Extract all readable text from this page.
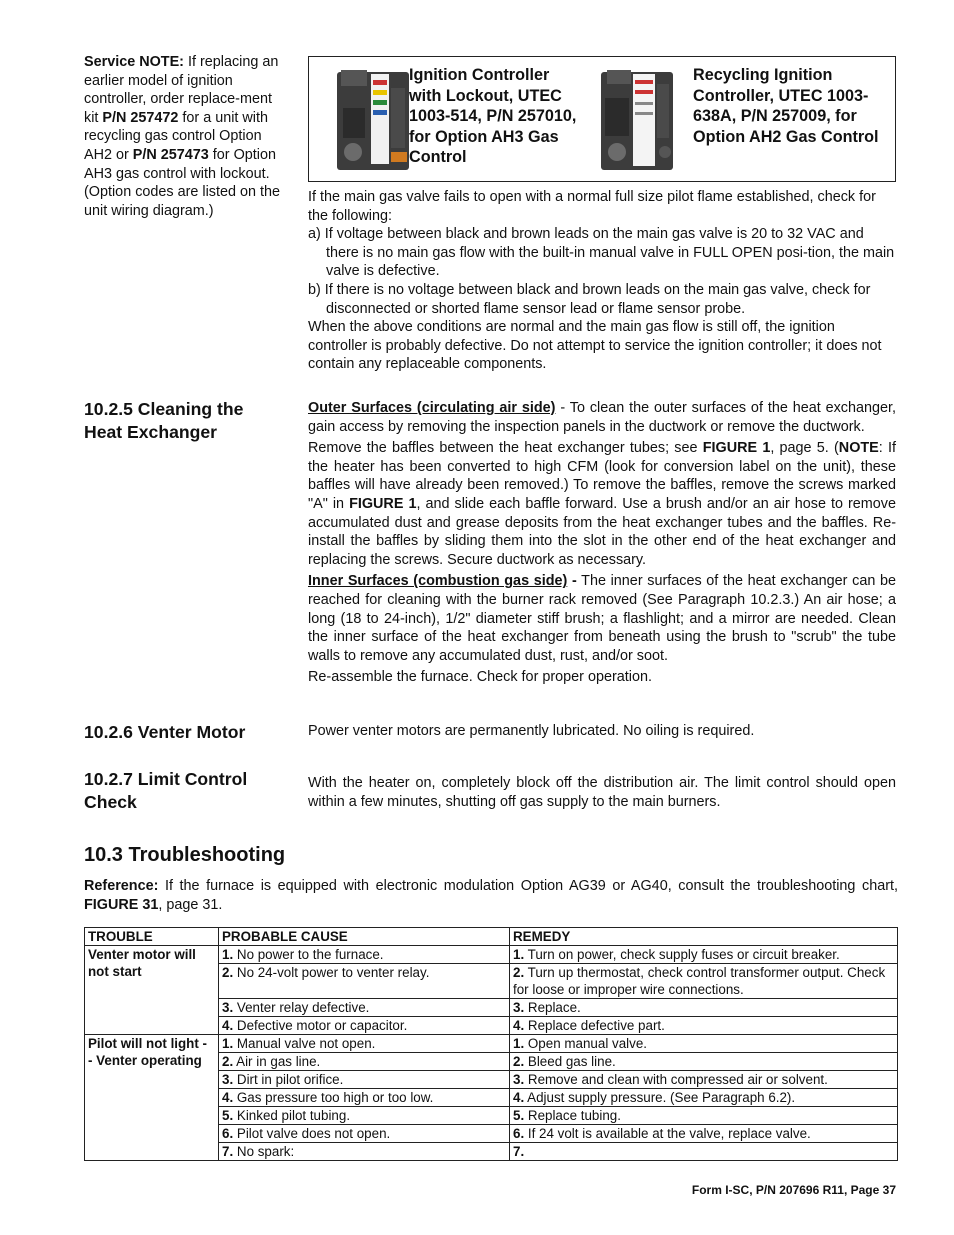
Service NOTE: If replacing an earlier model of ignition controller, order replace-ment kit P/N 257472 for a unit with recycling gas control Option AH2 or P/N 257473 for Option AH3 gas control with lockout. (Option codes are listed on the unit wiring diagram.)
Ignition Controller with Lockout, UTEC 1003-514, P/N 257010, for Option AH3 Gas Control
Recycling Ignition Controller, UTEC 1003-638A, P/N 257009, for Option AH2 Gas Control

If the main gas valve fails to open with a normal full size pilot flame established, check for the following:

a) If voltage between black and brown leads on the main gas valve is 20 to 32 VAC and there is no main gas flow with the built-in manual valve in FULL OPEN posi-tion, the main valve is defective.

b) If there is no voltage between black and brown leads on the main gas valve, check for disconnected or shorted flame sensor lead or flame sensor probe.

When the above conditions are normal and the main gas flow is still off, the ignition controller is probably defective. Do not attempt to service the ignition controller; it does not contain any replaceable components.

10.2.5 Cleaning the Heat Exchanger

Outer Surfaces (circulating air side) - To clean the outer surfaces of the heat exchanger, gain access by removing the inspection panels in the ductwork or remove the ductwork.

Remove the baffles between the heat exchanger tubes; see FIGURE 1, page 5. (NOTE: If the heater has been converted to high CFM (look for conversion label on the unit), these baffles will have already been removed.) To remove the baffles, remove the screws marked "A" in FIGURE 1, and slide each baffle forward. Use a brush and/or an air hose to remove accumulated dust and grease deposits from the heat exchanger tubes and the baffles. Re-install the baffles by sliding them into the slot in the other end of the heat exchanger and replacing the screws. Secure ductwork as necessary.

Inner Surfaces (combustion gas side) - The inner surfaces of the heat exchanger can be reached for cleaning with the burner rack removed (See Paragraph 10.2.3.) An air hose; a long (18 to 24-inch), 1/2" diameter stiff brush; a flashlight; and a mirror are needed. Clean the inner surface of the heat exchanger from beneath using the brush to "scrub" the tube walls to remove any accumulated dust, rust, and/or soot.

Re-assemble the furnace. Check for proper operation.

10.2.6 Venter Motor	Power venter motors are permanently lubricated. No oiling is required.
10.2.7 Limit Control Check
With the heater on, completely block off the distribution air. The limit control should open within a few minutes, shutting off gas supply to the main burners.
10.3 Troubleshooting
Reference: If the furnace is equipped with electronic modulation Option AG39 or AG40, consult the troubleshooting chart, FIGURE 31, page 31.
TROUBLE	PROBABLE CAUSE	REMEDY
Venter motor will not start	1. No power to the furnace.	1. Turn on power, check supply fuses or circuit breaker.
	2. No 24-volt power to venter relay.	2. Turn up thermostat, check control transformer output. Check for loose or improper wire connections.
	3. Venter relay defective.	3. Replace.
	4. Defective motor or capacitor.	4. Replace defective part.
Pilot will not light - - Venter operating	1. Manual valve not open.	1. Open manual valve.
	2. Air in gas line.	2. Bleed gas line.
	3. Dirt in pilot orifice.	3. Remove and clean with compressed air or solvent.
	4. Gas pressure too high or too low.	4. Adjust supply pressure. (See Paragraph 6.2).
	5. Kinked pilot tubing.	5. Replace tubing.
	6. Pilot valve does not open.	6. If 24 volt is available at the valve, replace valve.
	7. No spark:	7.
Form I-SC, P/N 207696 R11, Page 37
